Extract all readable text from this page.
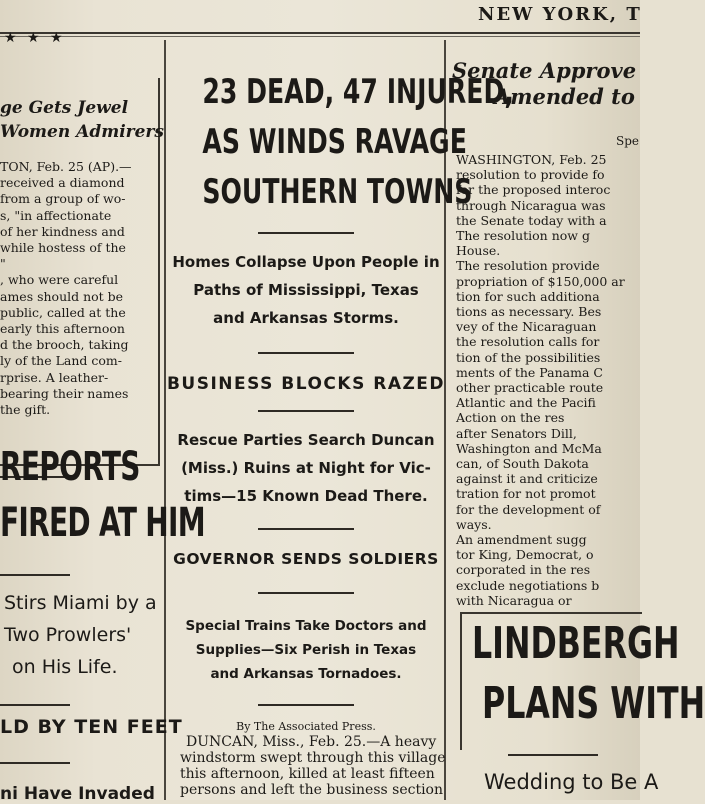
NEW YORK, T
★ ★ ★
ge Gets Jewel
Women Admirers
TON, Feb. 25 (AP).—
received a diamond
from a group of wo-
s, "in affectionate
of her kindness and
while hostess of the
"
, who were careful
ames should not be
public, called at the
early this afternoon
d the brooch, taking
ly of the Land com-
rprise. A leather-
bearing their names
the gift.
REPORTS
FIRED AT HIM
Stirs Miami by a
Two Prowlers'
on His Life.
LD BY TEN FEET
ni Have Invaded
23 DEAD, 47 INJURED,
AS WINDS RAVAGE
SOUTHERN TOWNS
Homes Collapse Upon People in
Paths of Mississippi, Texas
and Arkansas Storms.
BUSINESS BLOCKS RAZED
Rescue Parties Search Duncan
(Miss.) Ruins at Night for Vic-
tims—15 Known Dead There.
GOVERNOR SENDS SOLDIERS
Special Trains Take Doctors and
Supplies—Six Perish in Texas
and Arkansas Tornadoes.
By The Associated Press.
DUNCAN, Miss., Feb. 25.—A heavy
windstorm swept through this village
this afternoon, killed at least fifteen
persons and left the business section
Senate Approve
Amended to
Spe
WASHINGTON, Feb. 25
resolution to provide fo
for the proposed interoc
through Nicaragua was
the Senate today with a
The resolution now g
House.
The resolution provide
propriation of $150,000 ar
tion for such additiona
tions as necessary. Bes
vey of the Nicaraguan
the resolution calls for
tion of the possibilities
ments of the Panama C
other practicable route
Atlantic and the Pacifi
Action on the res
after Senators Dill,
Washington and McMa
can, of South Dakota
against it and criticize
tration for not promot
for the development of
ways.
An amendment sugg
tor King, Democrat, o
corporated in the res
exclude negotiations b
with Nicaragua or
LINDBERGH
PLANS WITH
Wedding to Be A
